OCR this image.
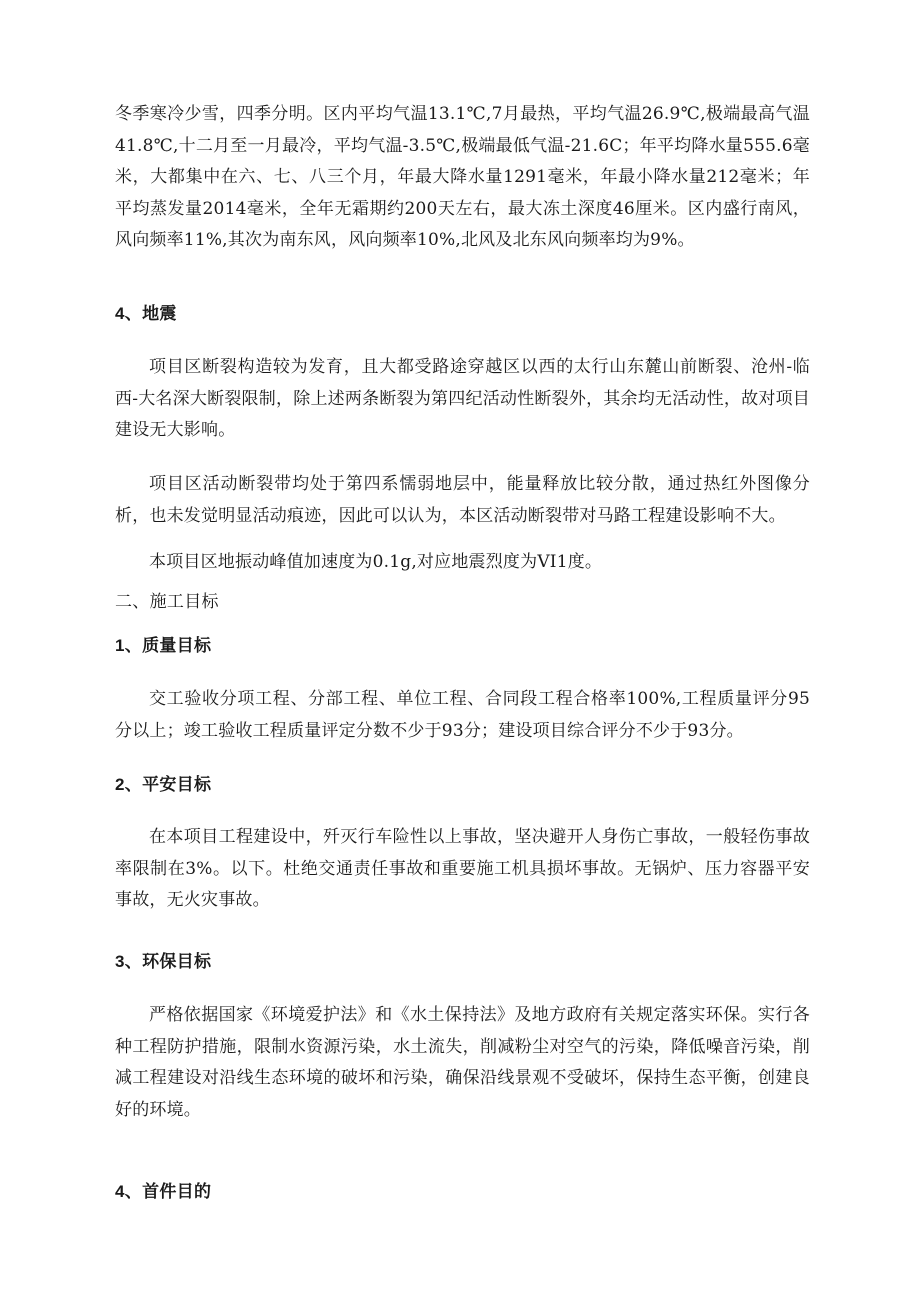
冬季寒冷少雪，四季分明。区内平均气温13.1℃,7月最热，平均气温26.9℃,极端最高气温41.8℃,十二月至一月最冷，平均气温-3.5℃,极端最低气温-21.6C；年平均降水量555.6毫米，大都集中在六、七、八三个月，年最大降水量1291毫米，年最小降水量212毫米；年平均蒸发量2014毫米，全年无霜期约200天左右，最大冻土深度46厘米。区内盛行南风，风向频率11%,其次为南东风，风向频率10%,北风及北东风向频率均为9%。

4、地震

项目区断裂构造较为发育，且大都受路途穿越区以西的太行山东麓山前断裂、沧州-临西-大名深大断裂限制，除上述两条断裂为第四纪活动性断裂外，其余均无活动性，故对项目建设无大影响。

项目区活动断裂带均处于第四系懦弱地层中，能量释放比较分散，通过热红外图像分析，也未发觉明显活动痕迹，因此可以认为，本区活动断裂带对马路工程建设影响不大。

本项目区地振动峰值加速度为0.1g,对应地震烈度为VI1度。

二、施工目标
1、质量目标

交工验收分项工程、分部工程、单位工程、合同段工程合格率100%,工程质量评分95分以上；竣工验收工程质量评定分数不少于93分；建设项目综合评分不少于93分。

2、平安目标

在本项目工程建设中，歼灭行车险性以上事故，坚决避开人身伤亡事故，一般轻伤事故率限制在3%。以下。杜绝交通责任事故和重要施工机具损坏事故。无锅炉、压力容器平安事故，无火灾事故。

3、环保目标

严格依据国家《环境爱护法》和《水土保持法》及地方政府有关规定落实环保。实行各种工程防护措施，限制水资源污染，水土流失，削减粉尘对空气的污染，降低噪音污染，削减工程建设对沿线生态环境的破坏和污染，确保沿线景观不受破坏，保持生态平衡，创建良好的环境。

4、首件目的
